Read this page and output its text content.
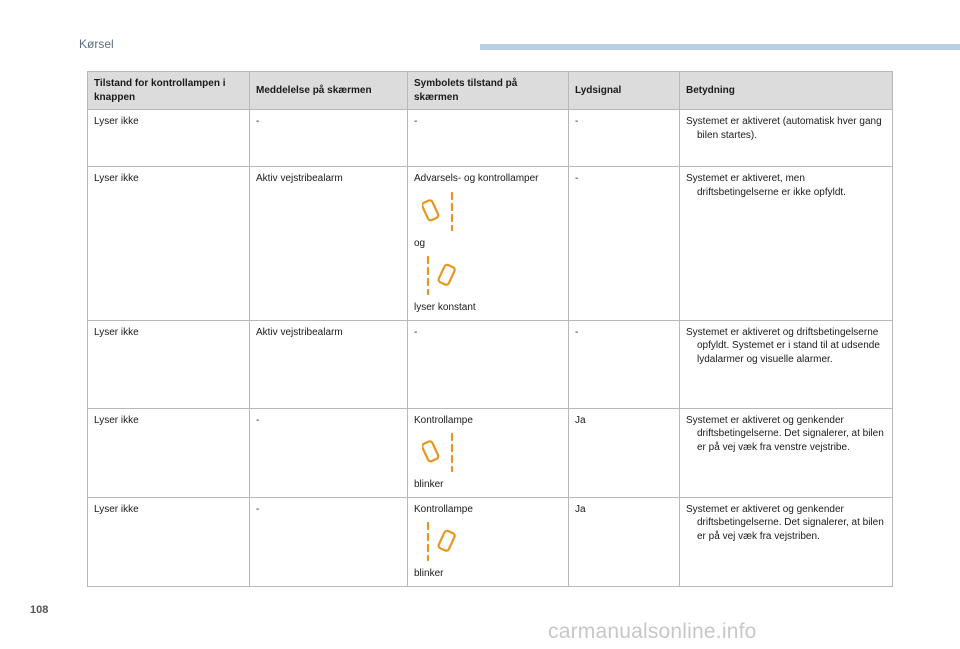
Kørsel
Tilstand for kontrollampen i knappen	Meddelelse på skærmen	Symbolets tilstand på skærmen	Lydsignal	Betydning
Lyser ikke	-	-	-	Systemet er aktiveret (automatisk hver gang bilen startes).
Lyser ikke	Aktiv vejstribealarm	Advarsels- og kontrollamper
og
lyser konstant	-	Systemet er aktiveret, men driftsbetingelserne er ikke opfyldt.
Lyser ikke	Aktiv vejstribealarm	-	-	Systemet er aktiveret og driftsbetingelserne opfyldt. Systemet er i stand til at udsende lydalarmer og visuelle alarmer.
Lyser ikke	-	Kontrollampe
blinker	Ja	Systemet er aktiveret og genkender driftsbetingelserne. Det signalerer, at bilen er på vej væk fra venstre vejstribe.
Lyser ikke	-	Kontrollampe
blinker	Ja	Systemet er aktiveret og genkender driftsbetingelserne. Det signalerer, at bilen er på vej væk fra vejstriben.
108
carmanualsonline.info
